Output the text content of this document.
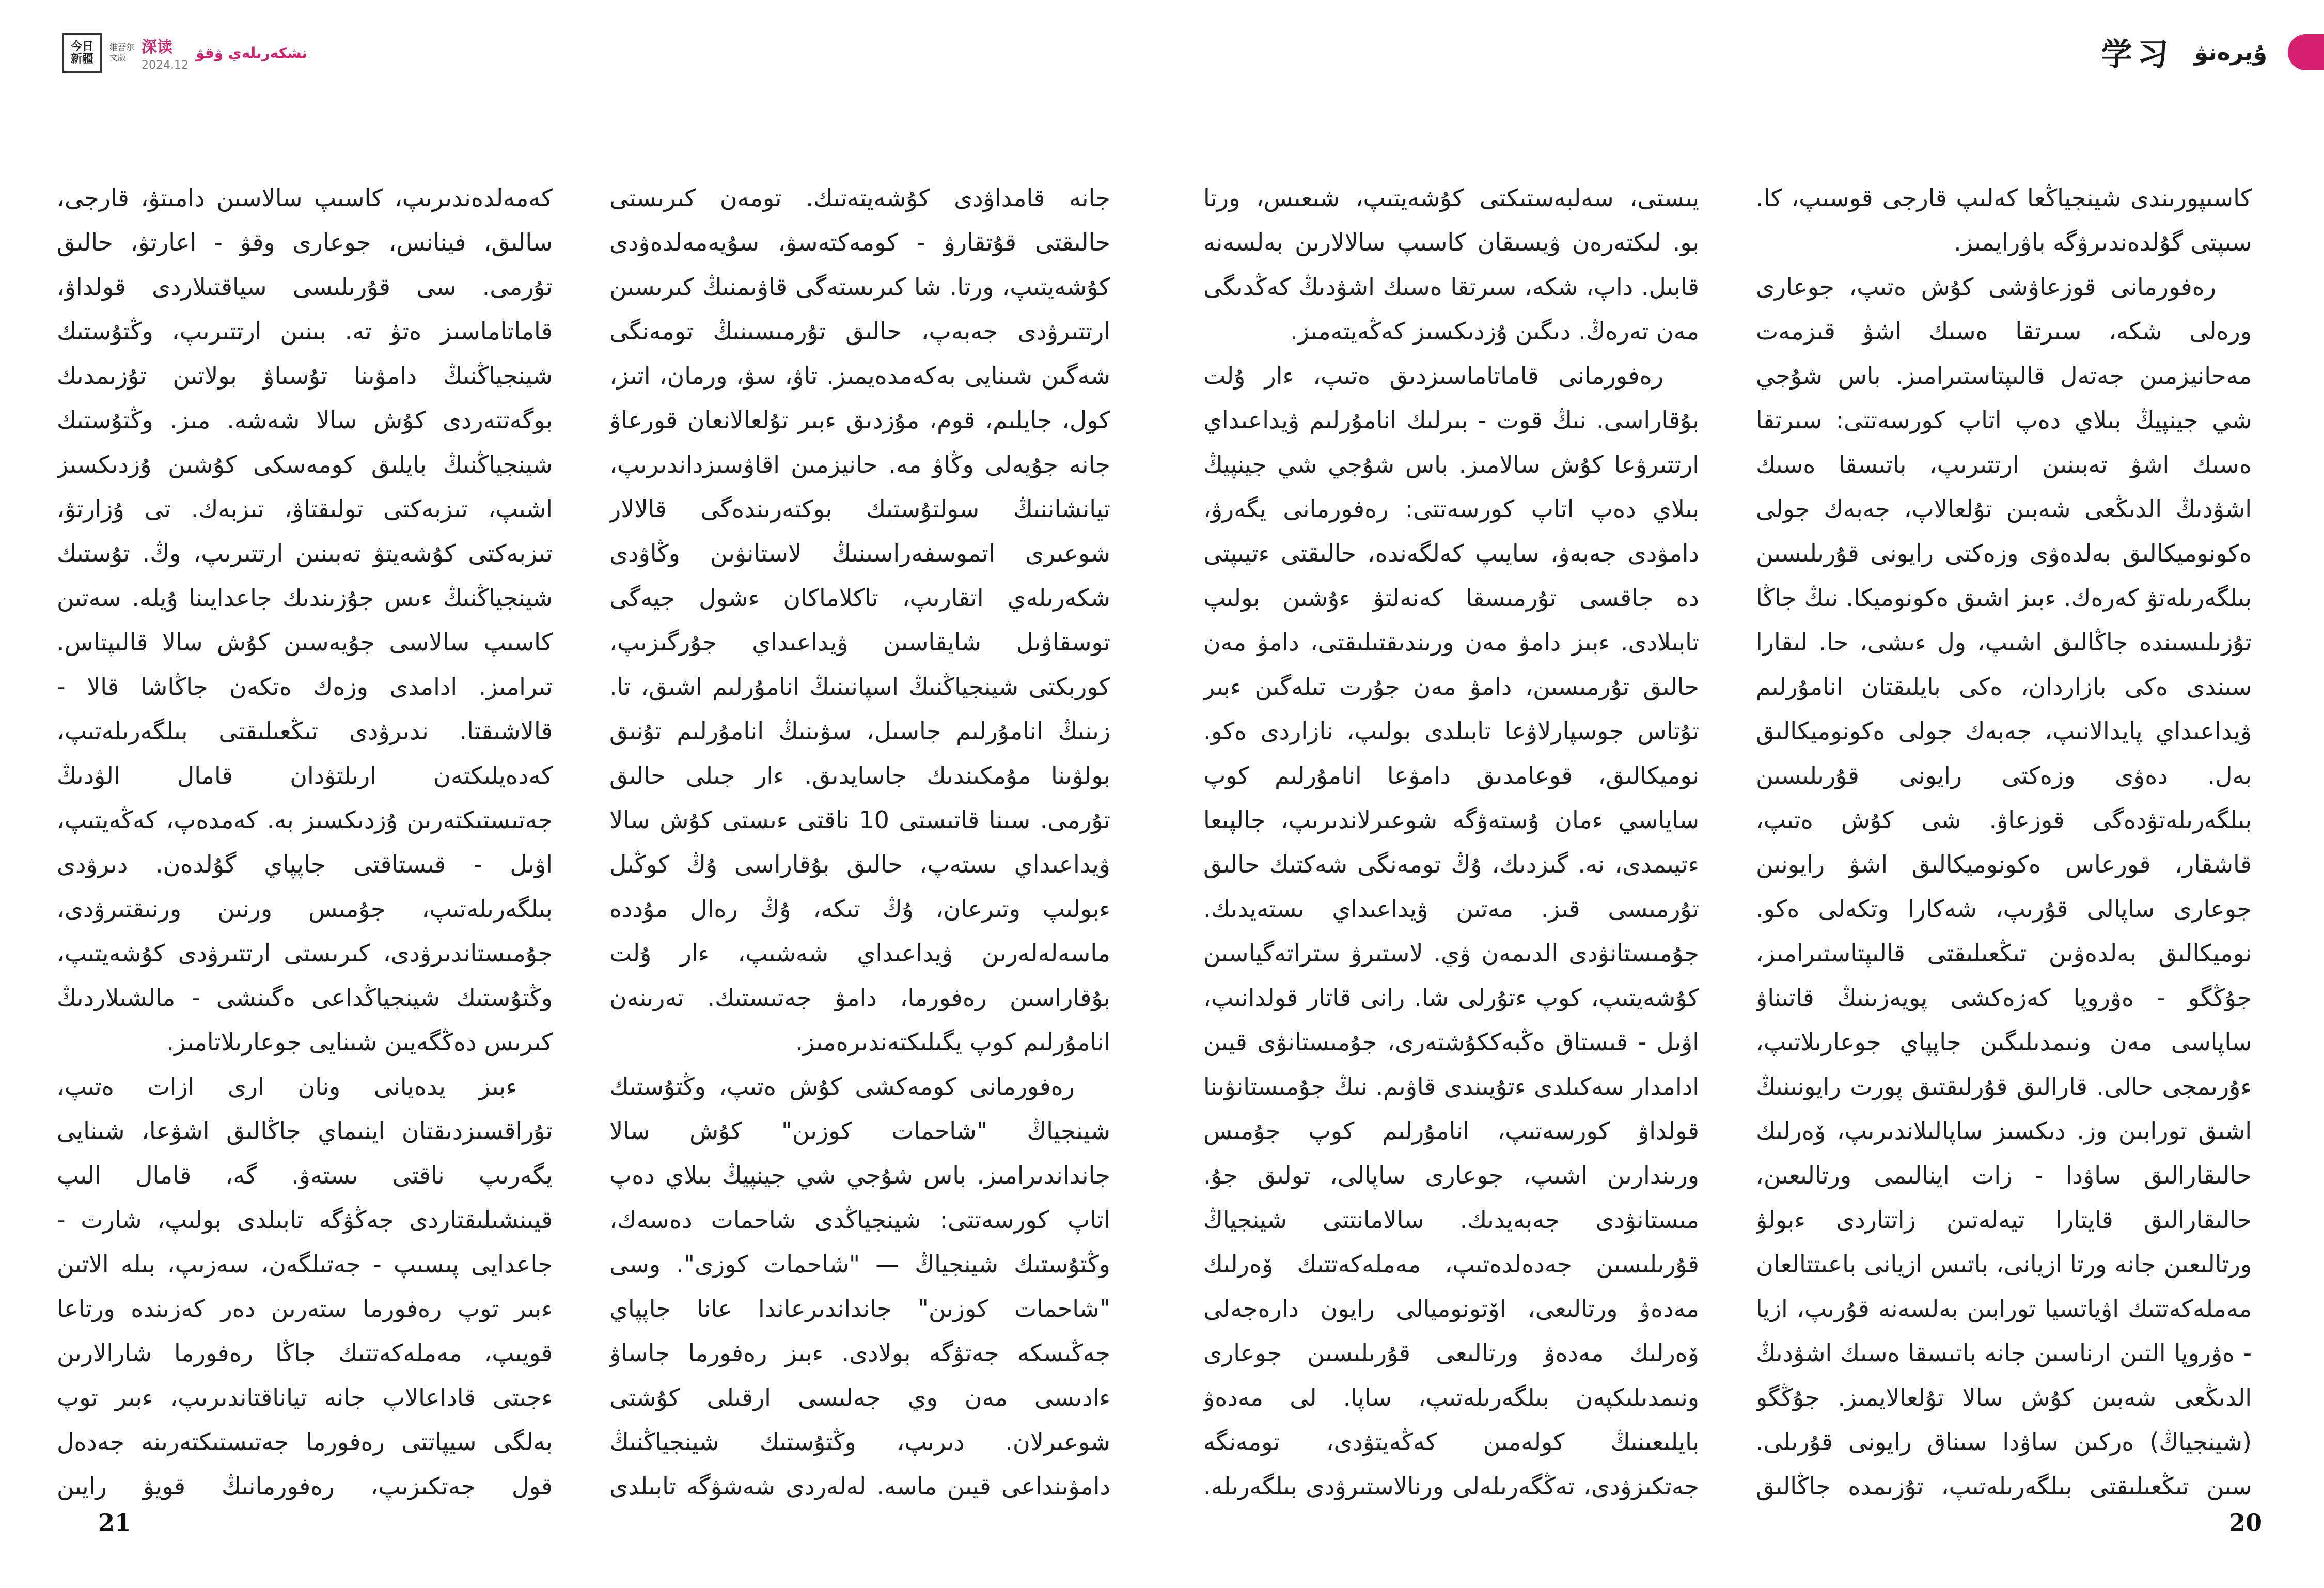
今日
新疆
维吾尔
文版
深读
2024.12
نشكەرىلەي ۋقۋ	学习 ۇيرەنۋ

كاسىپورىندى شينجياڭعا كەلىپ قارجى قوسىپ، كا. سىپتى گۇلدەندىرۋگە باۋرايمىز.

رەفورمانى قوزعاۋشى كۇش ەتىپ، جوعارى ورەلى شكە، سىرتقا ەسىك اشۋ قىزمەت مەحانيزمىن جەتەل قالىپتاستىرامىز. باس شۇجي شي جينپيڭ بىلاي دەپ اتاپ كورسەتتى: سىرتقا ەسىك اشۋ تەبىنىن ارتتىرىپ، باتىسقا ەسىك اشۋدىڭ الدىڭعى شەبىن تۇلعالاپ، جەبەك جولى ەكونوميكالىق بەلدەۋى وزەكتى رايونى قۇرىلىسىن بىلگەرىلەتۋ كەرەك. ءبىز اشىق ەكونوميكا. نىڭ جاڭا تۇزىلىسىندە جاڭالىق اشىپ، ول ءىشى، حا. لىقارا سىندى ەكى بازاردان، ەكى بايلىقتان انامۇرلىم ۋيداعىداي پايدالانىپ، جەبەك جولى ەكونوميكالىق بەل. دەۋى وزەكتى رايونى قۇرىلىسىن بىلگەرىلەتۋدەگى قوزعاۋ. شى كۇش ەتىپ، قاشقار، قورعاس ەكونوميكالىق اشۋ رايونىن جوعارى ساپالى قۇرىپ، شەكارا وتكەلى ەكو. نوميكالىق بەلدەۋىن تىڭعىلىقتى قالىپتاستىرامىز، جۇڭگو - ەۋروپا كەزەكشى پويەزىنىڭ قاتىناۋ ساپاسى مەن ونىمدىلىگىن جاپپاي جوعارىلاتىپ، ءۇرىمجى حالى. قارالىق قۇرلىقتىق پورت رايونىنىڭ اشىق تورابىن وز. دىكسىز ساپالىلاندىرىپ، ۆەرلىك حالىقارالىق ساۋدا - زات اينالىمى ورتالىعىن، حالىقارالىق قايتارا تيەلەتىن زاتتاردى ءبولۋ ورتالىعىن جانە ورتا ازيانى، باتىس ازيانى باعىتتالعان مەملەكەتتىك اۋياتسيا تورابىن بەلسەنە قۇرىپ، ازيا - ەۋروپا التىن ارناسىن جانە باتىسقا ەسىك اشۋدىڭ الدىڭعى شەبىن كۇش سالا تۇلعالايمىز. جۇڭگو (شينجياڭ) ەركىن ساۋدا سىناق رايونى قۇرىلى. سىن تىڭعىلىقتى بىلگەرىلەتىپ، تۇزىمدە جاڭالىق

يىستى، سەلبەستىكتى كۇشەيتىپ، شىعىس، ورتا بو. لىكتەرەن ۋيسىقان كاسىپ سالالارىن بەلسەنە قابىل. داپ، شكە، سىرتقا ەسىك اشۋدىڭ كەڭدىگى مەن تەرەڭ. دىگىن ۇزدىكسىز كەڭەيتەمىز.

رەفورمانى قاماتاماسىزدىق ەتىپ، ءار ۇلت بۇقاراسى. نىڭ قوت - بىرلىك انامۇرلىم ۋيداعىداي ارتتىرۋعا كۇش سالامىز. باس شۇجي شي جينپيڭ بىلاي دەپ اتاپ كورسەتتى: رەفورمانى يگەرۋ، دامۋدى جەبەۋ، سايىپ كەلگەندە، حالىقتى ءتيىپتى دە جاقسى تۇرمىسقا كەنەلتۋ ءۇشىن بولىپ تابىلادى. ءبىز دامۋ مەن ورىندىقتىلىقتى، دامۋ مەن حالىق تۇرمىسىن، دامۋ مەن جۇرت تىلەگىن ءبىر تۇتاس جوسپارلاۋعا تابىلدى بولىپ، نازاردى ەكو. نوميكالىق، قوعامدىق دامۋعا انامۇرلىم كوپ ساياسي ءمان ۇستەۋگە شوعىرلاندىرىپ، جالپىعا ءتيىمدى، نە. گىزدىك، ۇڭ تومەنگى شەكتىك حالىق تۇرمىسى قىز. مەتىن ۋيداعىداي ىستەيدىك. جۇمىستانۋدى الدىمەن ۋي. لاستىرۋ ستراتەگياسىن كۇشەيتىپ، كوپ ءتۇرلى شا. رانى قاتار قولدانىپ، اۋىل - قىستاق ەڭبەككۇشتەرى، جۇمىستانۋى قيىن ادامدار سەكىلدى ءتۇيىندى قاۋىم. نىڭ جۇمىستانۋىنا قولداۋ كورسەتىپ، انامۇرلىم كوپ جۇمىس ورىندارىن اشىپ، جوعارى ساپالى، تولىق جۇ. مىستانۋدى جەبەيدىك. سالامانتتى شينجياڭ قۇرىلىسىن جەدەلدەتىپ، مەملەكەتتىك ۆەرلىك مەدەۋ ورتالىعى، اۆتونوميالى رايون دارەجەلى ۆەرلىك مەدەۋ ورتالىعى قۇرىلىسىن جوعارى ونىمدىلىكپەن بىلگەرىلەتىپ، ساپا. لى مەدەۋ بايلىعىنىڭ كولەمىن كەڭەيتۋدى، تومەنگە جەتكىزۋدى، تەڭگەرىلەلى ورنالاستىرۋدى بىلگەرىلە.

جانە قامداۋدى كۇشەيتەتىك. تومەن كىرىستى حالىقتى قۇتقارۋ - كومەكتەسۋ، سۇيەمەلدەۋدى كۇشەيتىپ، ورتا. شا كىرىستەگى قاۋىمنىڭ كىرىسىن ارتتىرۋدى جەبەپ، حالىق تۇرمىسىنىڭ تومەنگى شەگىن شىنايى بەكەمدەيمىز. تاۋ، سۋ، ورمان، اتىز، كول، جايلىم، قوم، مۇزدىق ءبىر تۇلعالانعان قورعاۋ جانە جۇيەلى وڭاۋ مە. حانيزمىن اقاۋسىزداندىرىپ، تيانشاننىڭ سولتۇستىك بوكتەرىندەگى قالالار شوعىرى اتموسفەراسىنىڭ لاستانۋىن وڭاۋدى شكەرىلەي اتقارىپ، تاكلاماكان ءشول جيەگى توسقاۋىل شايقاسىن ۋيداعىداي جۇرگىزىپ، كوربكتى شينجياڭنىڭ اسپانىنىڭ انامۇرلىم اشىق، تا. زىنىڭ انامۇرلىم جاسىل، سۋىنىڭ انامۇرلىم تۇنىق بولۋىنا مۇمكىندىك جاسايدىق. ءار جىلى حالىق تۇرمى. سىنا قاتىستى 10 ناقتى ءىستى كۇش سالا ۋيداعىداي ىستەپ، حالىق بۇقاراسى ۇڭ كوڭىل ءبولىپ وتىرعان، ۇڭ تىكە، ۇڭ رەال مۇددە ماسەلەلەرىن ۋيداعىداي شەشىپ، ءار ۇلت بۇقاراسىن رەفورما، دامۋ جەتىستىك. تەرىنەن انامۇرلىم كوپ يگىلىكتەندىرەمىز.

رەفورمانى كومەكشى كۇش ەتىپ، وڭتۇستىك شينجياڭ "شاحمات كوزىن" كۇش سالا جانداندىرامىز. باس شۇجي شي جينپيڭ بىلاي دەپ اتاپ كورسەتتى: شينجياڭدى شاحمات دەسەك، وڭتۇستىك شينجياڭ — "شاحمات كوزى". وسى "شاحمات كوزىن" جانداندىرعاندا عانا جاپپاي جەڭىسكە جەتۋگە بولادى. ءبىز رەفورما جاساۋ ءادىسى مەن وي جەلىسى ارقىلى كۇشتى شوعىرلان. دىرىپ، وڭتۇستىك شينجياڭنىڭ دامۋىنداعى قيىن ماسە. لەلەردى شەشۋگە تابىلدى

كەمەلدەندىرىپ، كاسىپ سالاسىن دامىتۋ، قارجى، سالىق، فينانس، جوعارى وقۋ - اعارتۋ، حالىق تۇرمى. سى قۇرىلىسى سياقتىلاردى قولداۋ، قاماتاماسىز ەتۋ تە. بىنىن ارتتىرىپ، وڭتۇستىك شينجياڭنىڭ دامۋىنا تۇسىاۋ بولاتىن تۇزىمدىك بوگەتتەردى كۇش سالا شەشە. مىز. وڭتۇستىك شينجياڭنىڭ بايلىق كومەسكى كۇشىن ۇزدىكسىز اشىپ، تىزبەكتى تولىقتاۋ، تىزبەك. تى ۇزارتۋ، تىزبەكتى كۇشەيتۋ تەبىنىن ارتتىرىپ، وڭ. تۇستىك شينجياڭنىڭ ءىس جۇزىندىك جاعدايىنا ۇيلە. سەتىن كاسىپ سالاسى جۇيەسىن كۇش سالا قالىپتاس. تىرامىز. ادامدى وزەك ەتكەن جاڭاشا قالا - قالاشىقتا. ندىرۋدى تىڭعىلىقتى بىلگەرىلەتىپ، كەدەيلىكتەن ارىلتۋدان قامال الۋدىڭ جەتىستىكتەرىن ۇزدىكسىز بە. كەمدەپ، كەڭەيتىپ، اۋىل - قىستاقتى جاپپاي گۇلدەن. دىرۋدى بىلگەرىلەتىپ، جۇمىس ورنىن ورنىقتىرۋدى، جۇمىستاندىرۋدى، كىرىستى ارتتىرۋدى كۇشەيتىپ، وڭتۇستىك شينجياڭداعى ەگىنشى - مالشىلاردىڭ كىرىس دەڭگەيىن شىنايى جوعارىلاتامىز.

ءبىز يدەيانى ونان ارى ازات ەتىپ، تۇراقسىزدىقتان اينىماي جاڭالىق اشۋعا، شىنايى يگەرىپ ناقتى ىستەۋ. گە، قامال الىپ قيىنشىلىقتاردى جەڭۋگە تابىلدى بولىپ، شارت - جاعدايى پىسىپ - جەتىلگەن، سەزىپ، بىلە الاتىن ءبىر توپ رەفورما ستەرىن دەر كەزىندە ورتاعا قويىپ، مەملەكەتتىك جاڭا رەفورما شارالارىن ءجىتى قاداعالاپ جانە تياناقتاندىرىپ، ءبىر توپ بەلگى سيپاتتى رەفورما جەتىستىكتەرىنە جەدەل قول جەتكىزىپ، رەفورمانىڭ قويۋ رايىن

21	20
